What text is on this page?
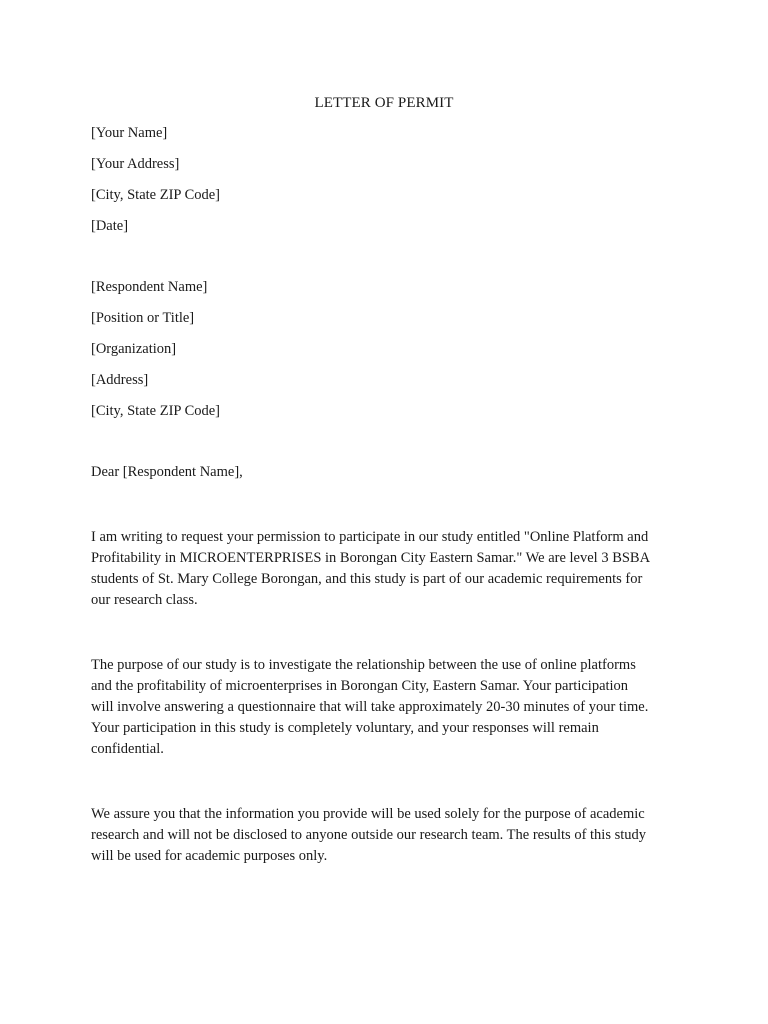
LETTER OF PERMIT
[Your Name]
[Your Address]
[City, State ZIP Code]
[Date]
[Respondent Name]
[Position or Title]
[Organization]
[Address]
[City, State ZIP Code]

Dear [Respondent Name],

I am writing to request your permission to participate in our study entitled "Online Platform and
Profitability in MICROENTERPRISES in Borongan City Eastern Samar." We are level 3 BSBA
students of St. Mary College Borongan, and this study is part of our academic requirements for
our research class.

The purpose of our study is to investigate the relationship between the use of online platforms
and the profitability of microenterprises in Borongan City, Eastern Samar. Your participation
will involve answering a questionnaire that will take approximately 20-30 minutes of your time.
Your participation in this study is completely voluntary, and your responses will remain
confidential.

We assure you that the information you provide will be used solely for the purpose of academic
research and will not be disclosed to anyone outside our research team. The results of this study
will be used for academic purposes only.
